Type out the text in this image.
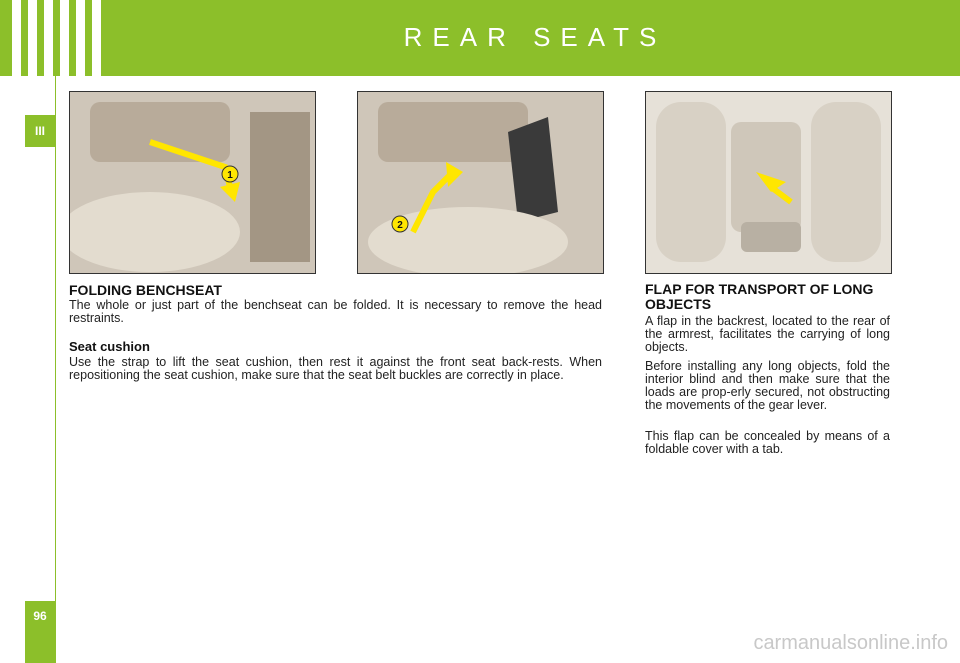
REAR SEATS
III
96
1
2
FOLDING BENCHSEAT
The whole or just part of the benchseat can be folded. It is necessary to remove the head restraints.
Seat cushion
Use the strap to lift the seat cushion, then rest it against the front seat back-rests. When repositioning the seat cushion, make sure that the seat belt buckles are correctly in place.
FLAP FOR TRANSPORT OF LONG OBJECTS
A flap in the backrest, located to the rear of the armrest, facilitates the carrying of long objects.
Before installing any long objects, fold the interior blind and then make sure that the loads are prop-erly secured, not obstructing the movements of the gear lever.
This flap can be concealed by means of a foldable cover with a tab.
carmanualsonline.info
